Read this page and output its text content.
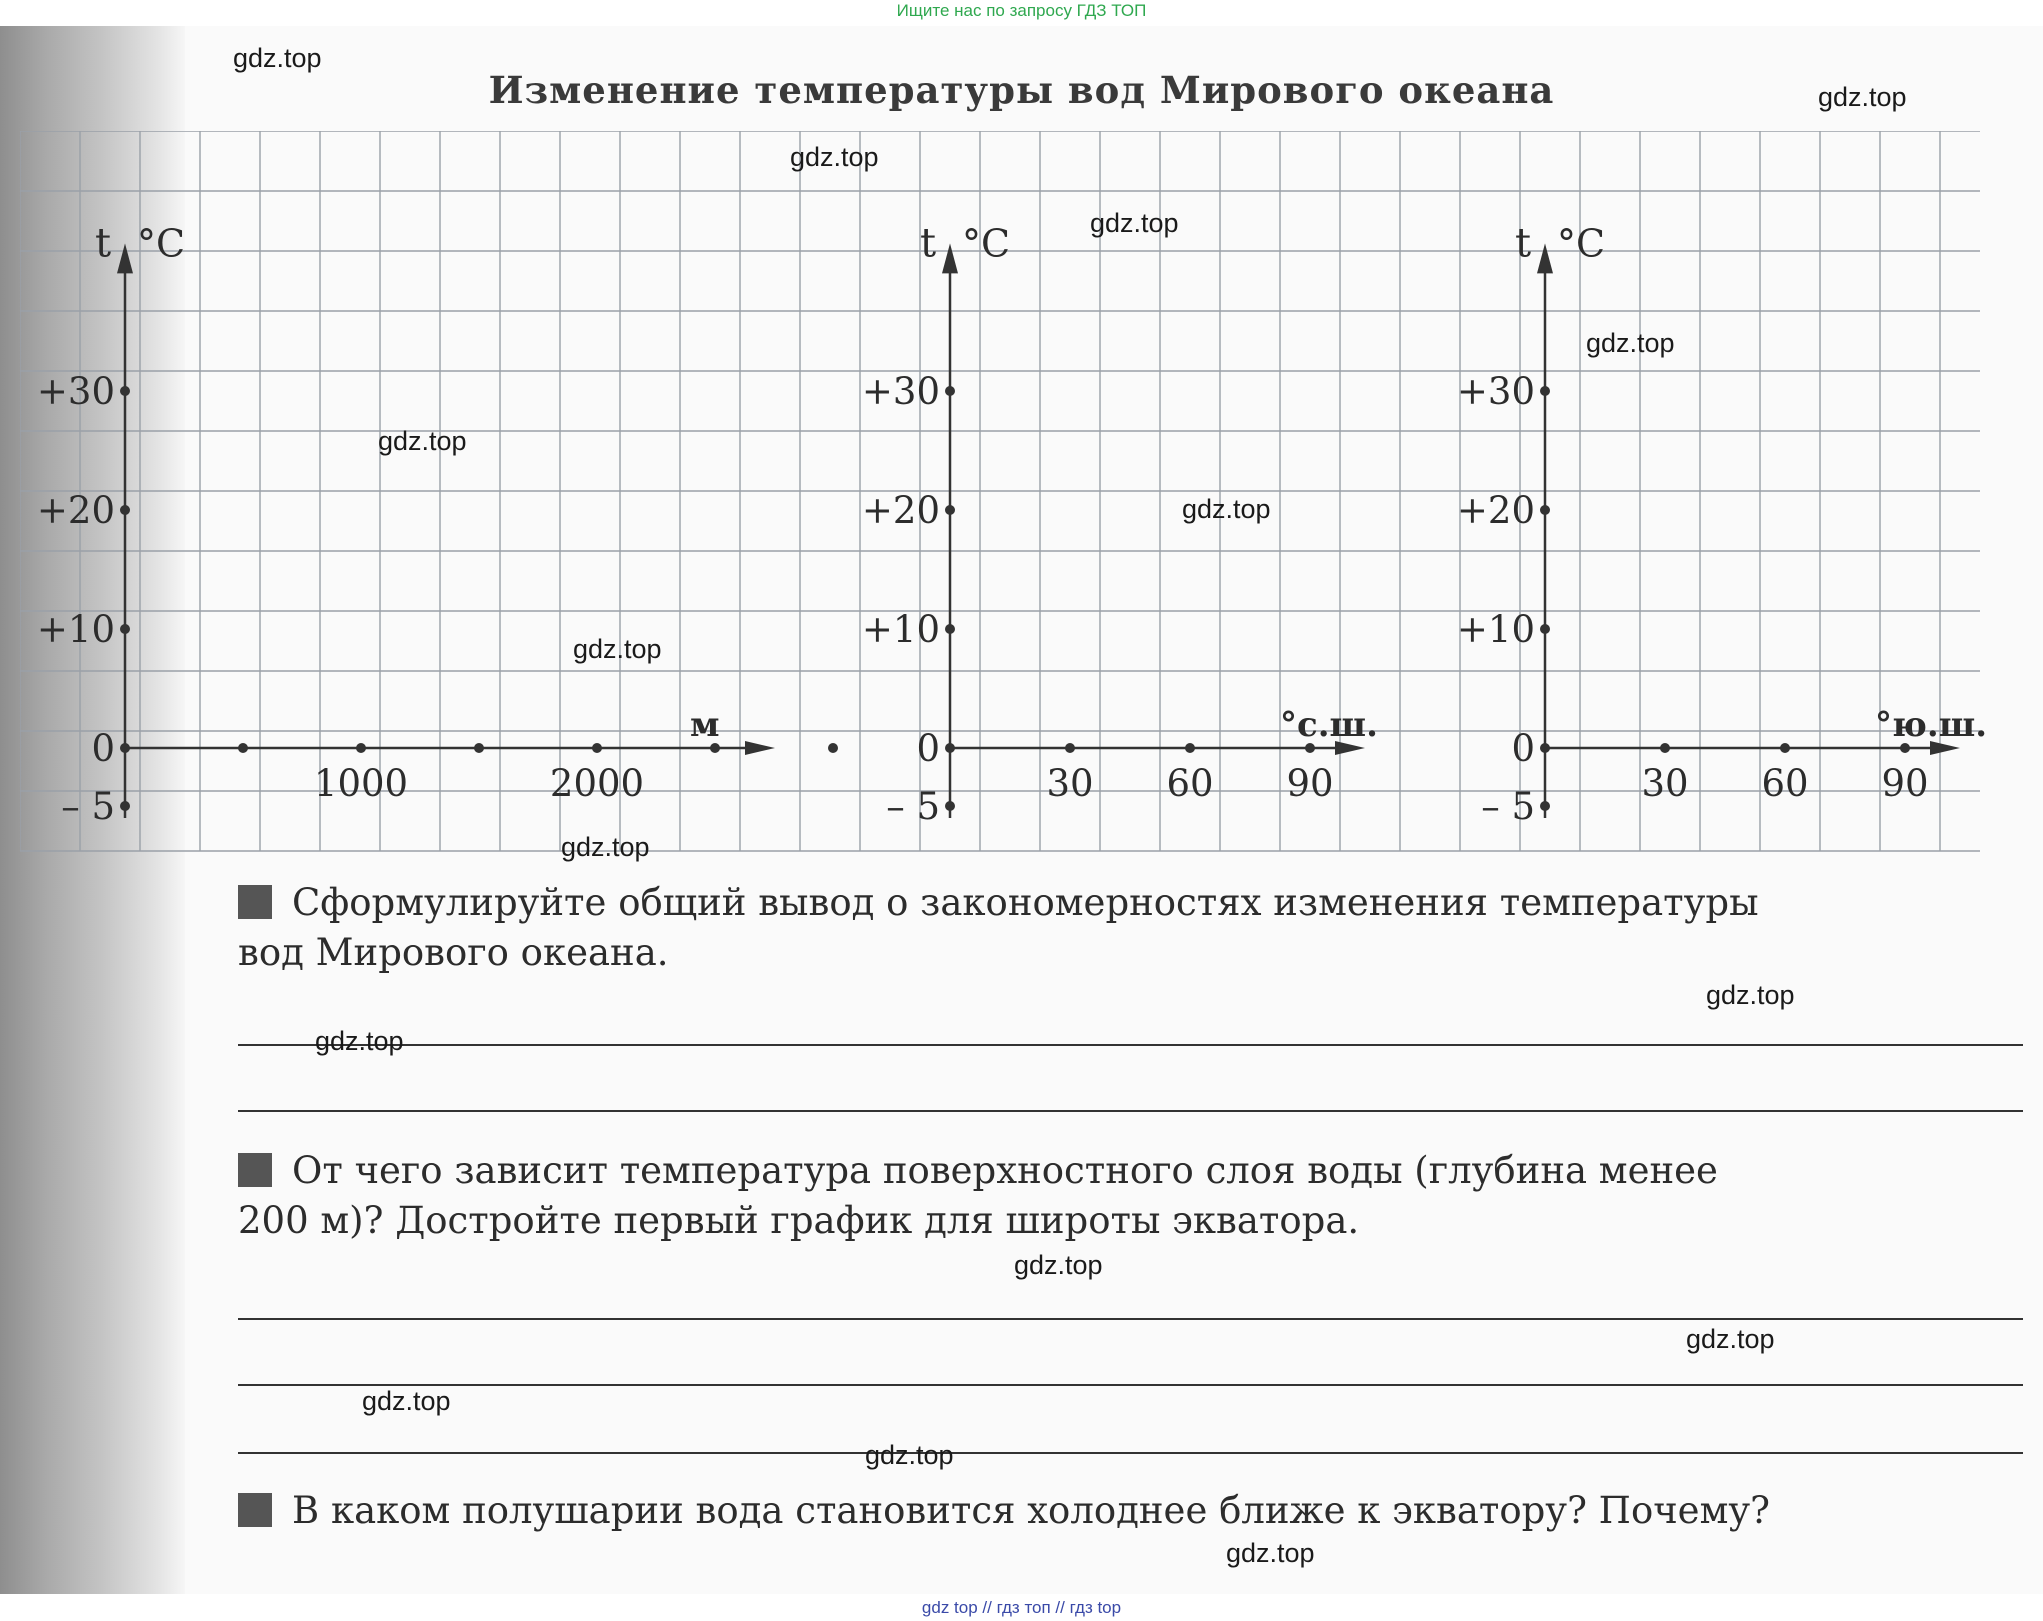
Ищите нас по запросу ГДЗ ТОП
Изменение температуры вод Мирового океана
t °C
+30
+20
+10
0
– 5
1000	2000
м
t °C
+30
+20
+10
0
– 5
30 60 90
°с.ш.
t °C
+30
+20
+10
0
– 5
30 60 90
°ю.ш.
Сформулируйте общий вывод о закономерностях изменения температуры
вод Мирового океана.
От чего зависит температура поверхностного слоя воды (глубина менее
200 м)? Достройте первый график для широты экватора.
В каком полушарии вода становится холоднее ближе к экватору? Почему?
gdz.top
gdz.top
gdz.top
gdz.top
gdz.top
gdz.top
gdz.top
gdz.top
gdz.top
gdz.top
gdz.top
gdz.top
gdz.top
gdz.top
gdz.top
gdz.top
gdz top // гдз топ // гдз top
